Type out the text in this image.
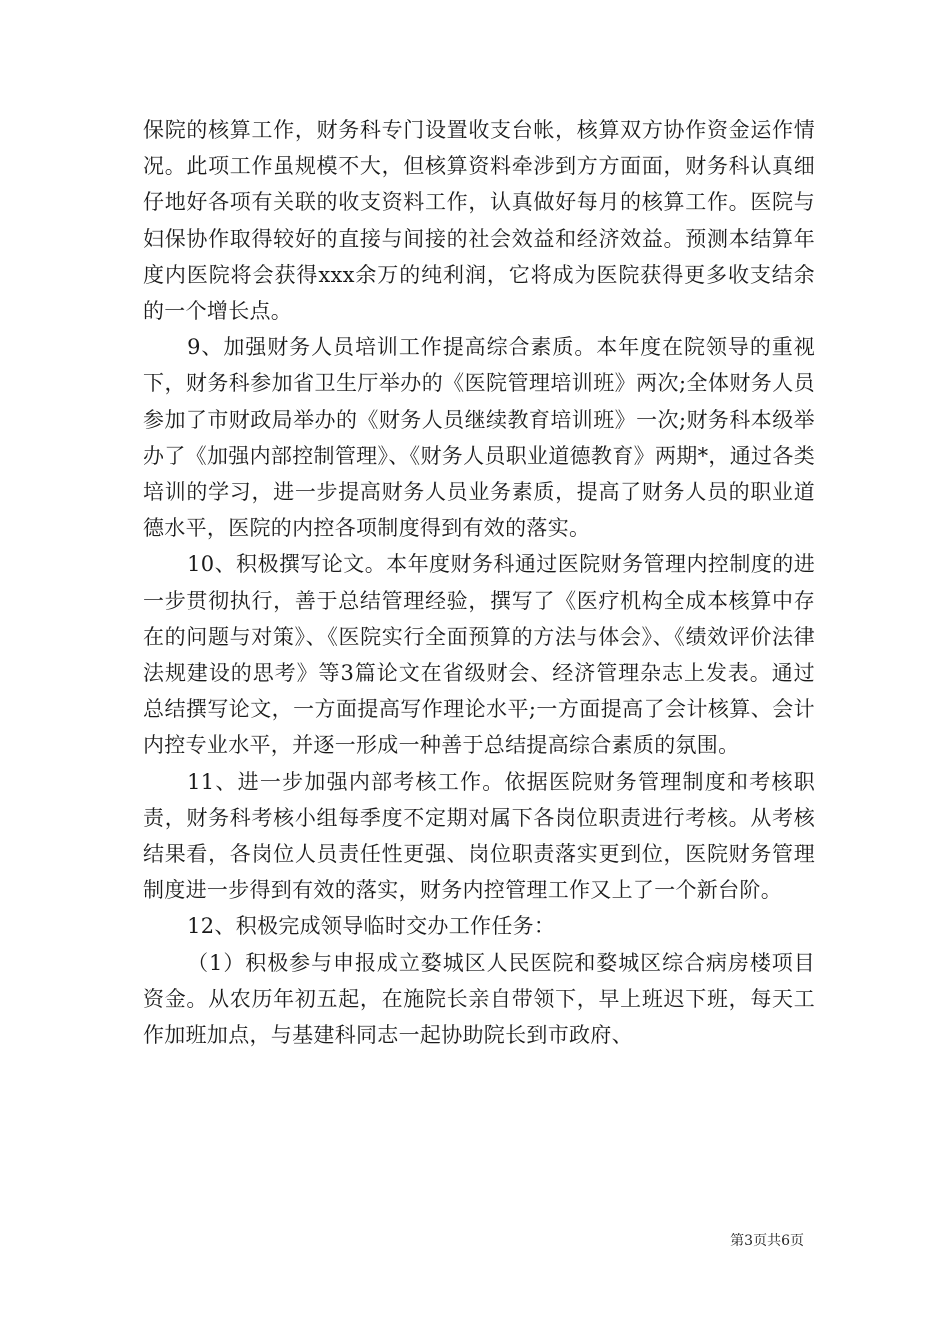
保院的核算工作，财务科专门设置收支台帐，核算双方协作资金运作情况。此项工作虽规模不大，但核算资料牵涉到方方面面，财务科认真细仔地好各项有关联的收支资料工作，认真做好每月的核算工作。医院与妇保协作取得较好的直接与间接的社会效益和经济效益。预测本结算年度内医院将会获得xxx余万的纯利润，它将成为医院获得更多收支结余的一个增长点。

9、加强财务人员培训工作提高综合素质。本年度在院领导的重视下，财务科参加省卫生厅举办的《医院管理培训班》两次;全体财务人员参加了市财政局举办的《财务人员继续教育培训班》一次;财务科本级举办了《加强内部控制管理》、《财务人员职业道德教育》两期*，通过各类培训的学习，进一步提高财务人员业务素质，提高了财务人员的职业道德水平，医院的内控各项制度得到有效的落实。

10、积极撰写论文。本年度财务科通过医院财务管理内控制度的进一步贯彻执行，善于总结管理经验，撰写了《医疗机构全成本核算中存在的问题与对策》、《医院实行全面预算的方法与体会》、《绩效评价法律法规建设的思考》等3篇论文在省级财会、经济管理杂志上发表。通过总结撰写论文，一方面提高写作理论水平;一方面提高了会计核算、会计内控专业水平，并逐一形成一种善于总结提高综合素质的氛围。

11、进一步加强内部考核工作。依据医院财务管理制度和考核职责，财务科考核小组每季度不定期对属下各岗位职责进行考核。从考核结果看，各岗位人员责任性更强、岗位职责落实更到位，医院财务管理制度进一步得到有效的落实，财务内控管理工作又上了一个新台阶。

12、积极完成领导临时交办工作任务：

（1）积极参与申报成立婺城区人民医院和婺城区综合病房楼项目资金。从农历年初五起，在施院长亲自带领下，早上班迟下班，每天工作加班加点，与基建科同志一起协助院长到市政府、

第3页共6页
